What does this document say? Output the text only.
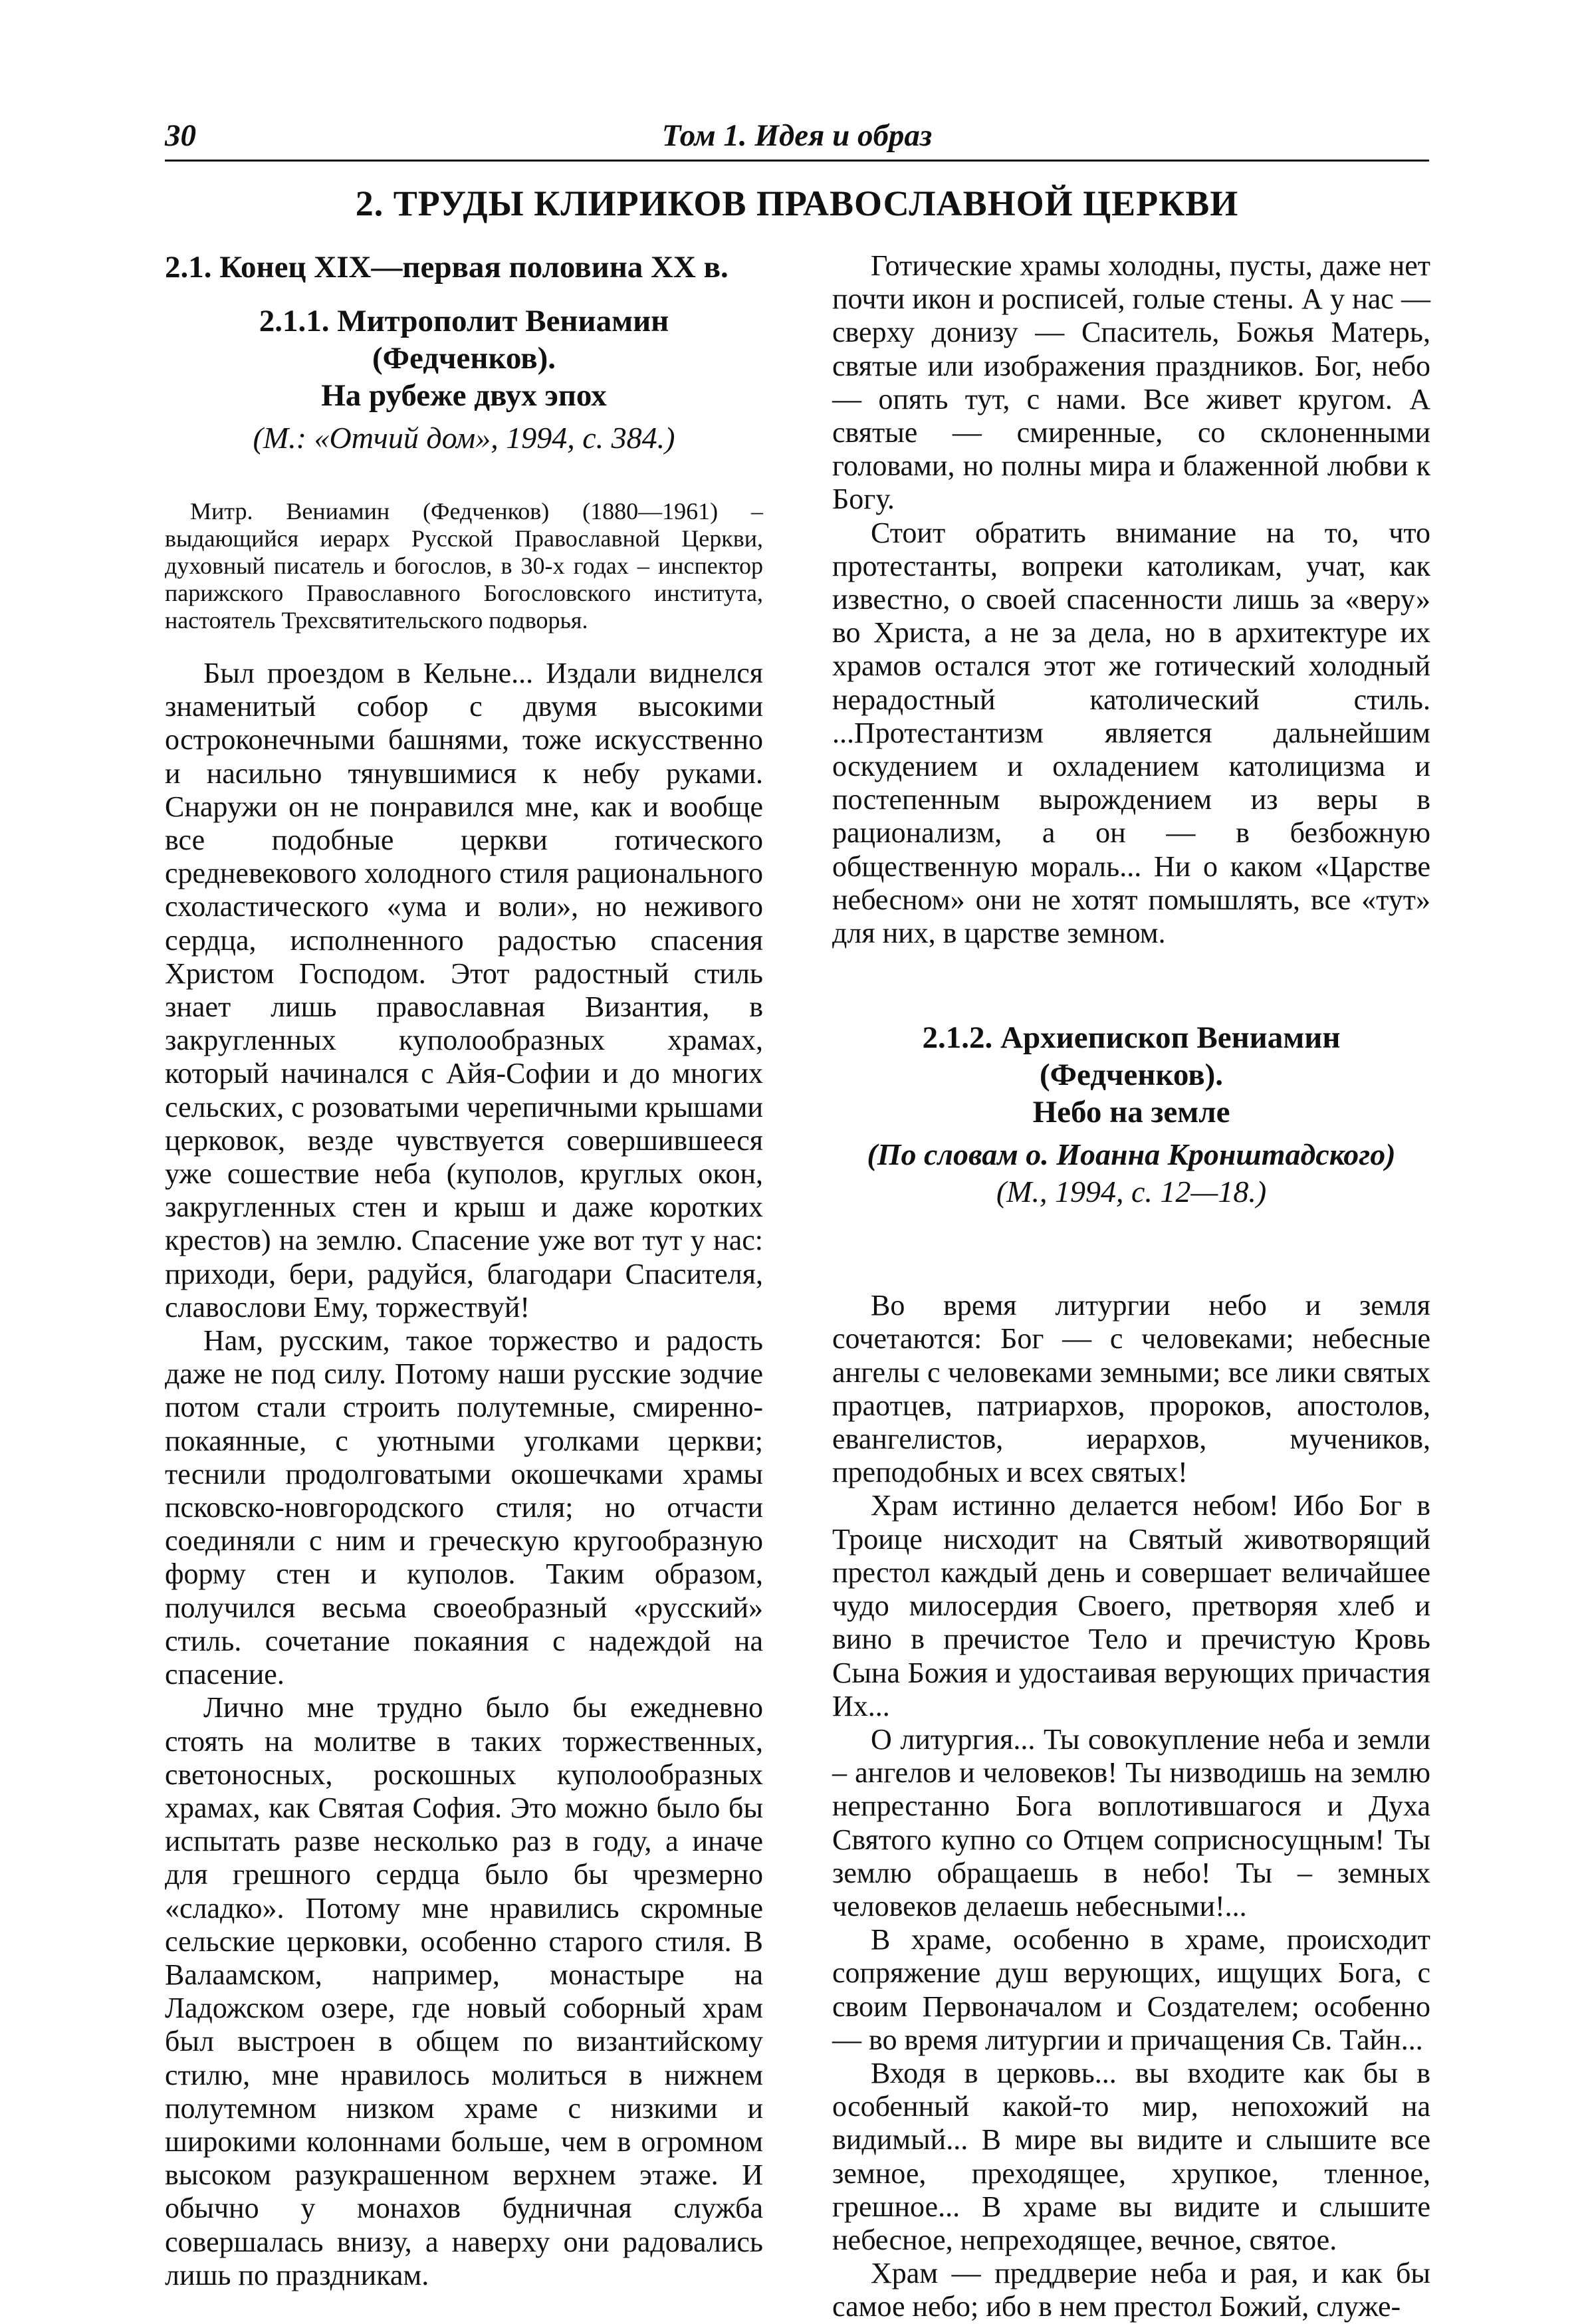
30	Том 1. Идея и образ
2. ТРУДЫ КЛИРИКОВ ПРАВОСЛАВНОЙ ЦЕРКВИ
2.1. Конец XIX—первая половина XX в.

2.1.1. Митрополит Вениамин (Федченков).

На рубеже двух эпох

(М.: «Отчий дом», 1994, с. 384.)

Митр. Вениамин (Федченков) (1880—1961) – выдающийся иерарх Русской Православной Церкви, духовный писатель и богослов, в 30-х годах – инспектор парижского Православного Богословского института, настоятель Трехсвятительского подворья.

Был проездом в Кельне... Издали виднелся знаменитый собор с двумя высокими остроконечными башнями, тоже искусственно и насильно тянувшимися к небу руками. Снаружи он не понравился мне, как и вообще все подобные церкви готического средневекового холодного стиля рационального схоластического «ума и воли», но неживого сердца, исполненного радостью спасения Христом Господом. Этот радостный стиль знает лишь православная Византия, в закругленных куполообразных храмах, который начинался с Айя-Софии и до многих сельских, с розоватыми черепичными крышами церковок, везде чувствуется совершившееся уже сошествие неба (куполов, круглых окон, закругленных стен и крыш и даже коротких крестов) на землю. Спасение уже вот тут у нас: приходи, бери, радуйся, благодари Спасителя, славослови Ему, торжествуй!

Нам, русским, такое торжество и радость даже не под силу. Потому наши русские зодчие потом стали строить полутемные, смиренно-покаянные, с уютными уголками церкви; теснили продолговатыми окошечками храмы псковско-новгородского стиля; но отчасти соединяли с ним и греческую кругообразную форму стен и куполов. Таким образом, получился весьма своеобразный «русский» стиль. сочетание покаяния с надеждой на спасение.

Лично мне трудно было бы ежедневно стоять на молитве в таких торжественных, светоносных, роскошных куполообразных храмах, как Святая София. Это можно было бы испытать разве несколько раз в году, а иначе для грешного сердца было бы чрезмерно «сладко». Потому мне нравились скромные сельские церковки, особенно старого стиля. В Валаамском, например, монастыре на Ладожском озере, где новый соборный храм был выстроен в общем по византийскому стилю, мне нравилось молиться в нижнем полутемном низком храме с низкими и широкими колоннами больше, чем в огромном высоком разукрашенном верхнем этаже. И обычно у монахов будничная служба совершалась внизу, а наверху они радовались лишь по праздникам.

Готические храмы холодны, пусты, даже нет почти икон и росписей, голые стены. А у нас — сверху донизу — Спаситель, Божья Матерь, святые или изображения праздников. Бог, небо — опять тут, с нами. Все живет кругом. А святые — смиренные, со склоненными головами, но полны мира и блаженной любви к Богу.

Стоит обратить внимание на то, что протестанты, вопреки католикам, учат, как известно, о своей спасенности лишь за «веру» во Христа, а не за дела, но в архитектуре их храмов остался этот же готический холодный нерадостный католический стиль. ...Протестантизм является дальнейшим оскудением и охладением католицизма и постепенным вырождением из веры в рационализм, а он — в безбожную общественную мораль... Ни о каком «Царстве небесном» они не хотят помышлять, все «тут» для них, в царстве земном.

2.1.2. Архиепископ Вениамин (Федченков).

Небо на земле

(По словам о. Иоанна Кронштадского)

(М., 1994, с. 12—18.)

Во время литургии небо и земля сочетаются: Бог — с человеками; небесные ангелы с человеками земными; все лики святых праотцев, патриархов, пророков, апостолов, евангелистов, иерархов, мучеников, преподобных и всех святых!

Храм истинно делается небом! Ибо Бог в Троице нисходит на Святый животворящий престол каждый день и совершает величайшее чудо милосердия Своего, претворяя хлеб и вино в пречистое Тело и пречистую Кровь Сына Божия и удостаивая верующих причастия Их...

О литургия... Ты совокупление неба и земли – ангелов и человеков! Ты низводишь на землю непрестанно Бога воплотившагося и Духа Святого купно со Отцем соприсносущным! Ты землю обращаешь в небо! Ты – земных человеков делаешь небесными!...

В храме, особенно в храме, происходит сопряжение душ верующих, ищущих Бога, с своим Первоначалом и Создателем; особенно — во время литургии и причащения Св. Тайн...

Входя в церковь... вы входите как бы в особенный какой-то мир, непохожий на видимый... В мире вы видите и слышите все земное, преходящее, хрупкое, тленное, грешное... В храме вы видите и слышите небесное, непреходящее, вечное, святое.

Храм — преддверие неба и рая, и как бы самое небо; ибо в нем престол Божий, служе-
